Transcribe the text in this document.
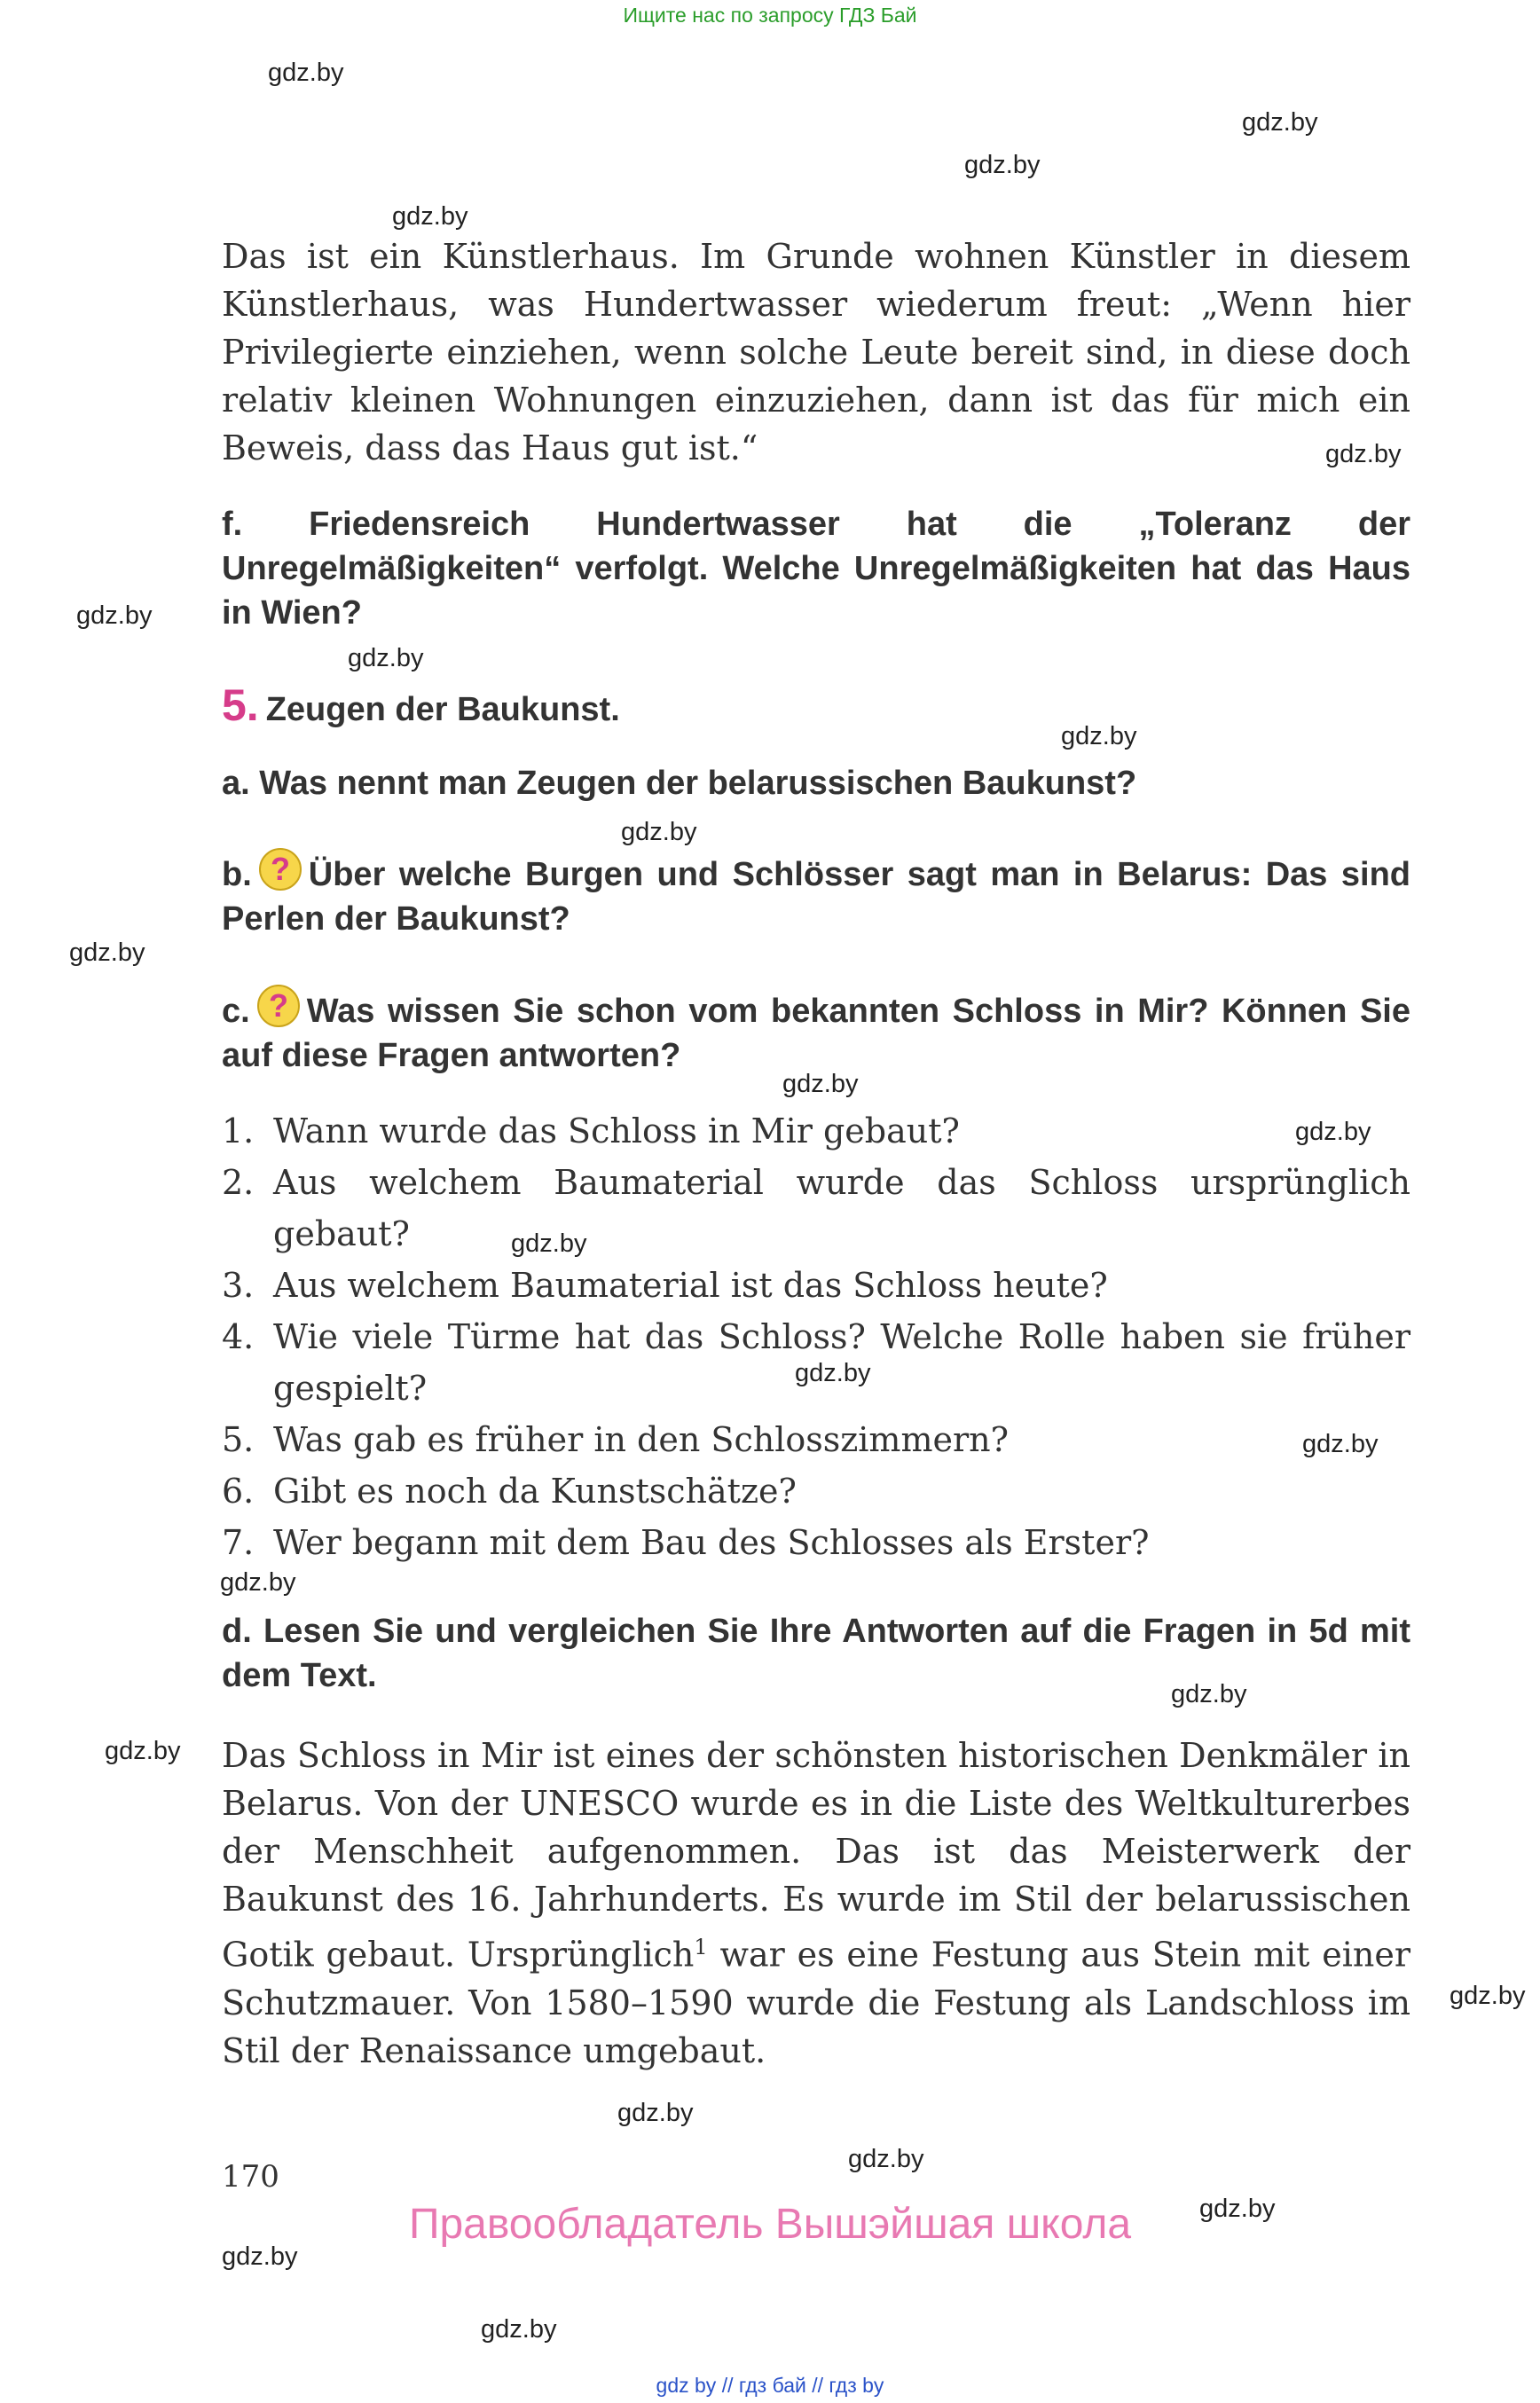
Ищите нас по запросу ГДЗ Бай
gdz.by
gdz.by
gdz.by
gdz.by
gdz.by
gdz.by
gdz.by
gdz.by
gdz.by
gdz.by
gdz.by
gdz.by
gdz.by
gdz.by
gdz.by
gdz.by
gdz.by
gdz.by
gdz.by
gdz.by
gdz.by
gdz.by
gdz.by
gdz.by
Das ist ein Künstlerhaus. Im Grunde wohnen Künstler in diesem Künstlerhaus, was Hundertwasser wiederum freut: „Wenn hier Privilegierte einziehen, wenn solche Leute bereit sind, in diese doch relativ kleinen Wohnungen einzuziehen, dann ist das für mich ein Beweis, dass das Haus gut ist.“
f. Friedensreich Hundertwasser hat die „Toleranz der Unregelmäßigkeiten“ verfolgt. Welche Unregelmäßigkeiten hat das Haus in Wien?
5. Zeugen der Baukunst.
a. Was nennt man Zeugen der belarussischen Baukunst?
b. ? Über welche Burgen und Schlösser sagt man in Belarus: Das sind Perlen der Baukunst?
c. ? Was wissen Sie schon vom bekannten Schloss in Mir? Können Sie auf diese Fragen antworten?
1. Wann wurde das Schloss in Mir gebaut?
2. Aus welchem Baumaterial wurde das Schloss ursprünglich gebaut?
3. Aus welchem Baumaterial ist das Schloss heute?
4. Wie viele Türme hat das Schloss? Welche Rolle haben sie früher gespielt?
5. Was gab es früher in den Schlosszimmern?
6. Gibt es noch da Kunstschätze?
7. Wer begann mit dem Bau des Schlosses als Erster?
d. Lesen Sie und vergleichen Sie Ihre Antworten auf die Fragen in 5d mit dem Text.
Das Schloss in Mir ist eines der schönsten historischen Denkmäler in Belarus. Von der UNESCO wurde es in die Liste des Weltkulturerbes der Menschheit aufgenommen. Das ist das Meisterwerk der Baukunst des 16. Jahrhunderts. Es wurde im Stil der belarussischen Gotik gebaut. Ursprünglich$^1$ war es eine Festung aus Stein mit einer Schutzmauer. Von 1580–1590 wurde die Festung als Landschloss im Stil der Renaissance umgebaut.
170
Правообладатель Вышэйшая школа
gdz by // гдз бай // гдз by
